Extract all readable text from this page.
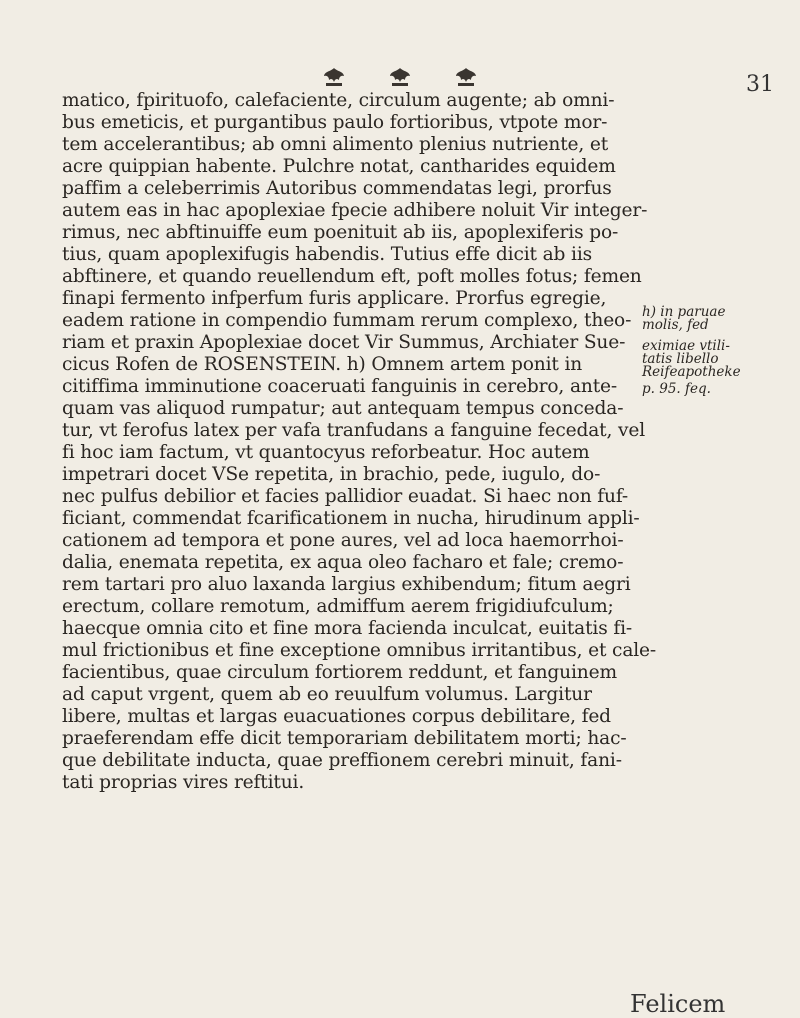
31
matico, fpirituofo, calefaciente, circulum augente; ab omni-
bus emeticis, et purgantibus paulo fortioribus, vtpote mor-
tem accelerantibus; ab omni alimento plenius nutriente, et
acre quippian habente. Pulchre notat, cantharides equidem
paffim a celeberrimis Autoribus commendatas legi, prorfus
autem eas in hac apoplexiae fpecie adhibere noluit Vir integer-
rimus, nec abftinuiffe eum poenituit ab iis, apoplexiferis po-
tius, quam apoplexifugis habendis. Tutius effe dicit ab iis
abftinere, et quando reuellendum eft, poft molles fotus; femen
finapi fermento infperfum furis applicare. Prorfus egregie,
eadem ratione in compendio fummam rerum complexo, theo-
riam et praxin Apoplexiae docet Vir Summus, Archiater Sue-
cicus Rofen de ROSENSTEIN. h) Omnem artem ponit in
citiffima imminutione coaceruati fanguinis in cerebro, ante-
quam vas aliquod rumpatur; aut antequam tempus conceda-
tur, vt ferofus latex per vafa tranfudans a fanguine fecedat, vel
fi hoc iam factum, vt quantocyus reforbeatur. Hoc autem
impetrari docet VSe repetita, in brachio, pede, iugulo, do-
nec pulfus debilior et facies pallidior euadat. Si haec non fuf-
ficiant, commendat fcarificationem in nucha, hirudinum appli-
cationem ad tempora et pone aures, vel ad loca haemorrhoi-
dalia, enemata repetita, ex aqua oleo facharo et fale; cremo-
rem tartari pro aluo laxanda largius exhibendum; fitum aegri
erectum, collare remotum, admiffum aerem frigidiufculum;
haecque omnia cito et fine mora facienda inculcat, euitatis fi-
mul frictionibus et fine exceptione omnibus irritantibus, et cale-
facientibus, quae circulum fortiorem reddunt, et fanguinem
ad caput vrgent, quem ab eo reuulfum volumus. Largitur
libere, multas et largas euacuationes corpus debilitare, fed
praeferendam effe dicit temporariam debilitatem morti; hac-
que debilitate inducta, quae preffionem cerebri minuit, fani-
tati proprias vires reftitui.
h) in paruae
molis, fed
eximiae vtili-
tatis libello
Reifeapotheke
p. 95. feq.
Felicem
